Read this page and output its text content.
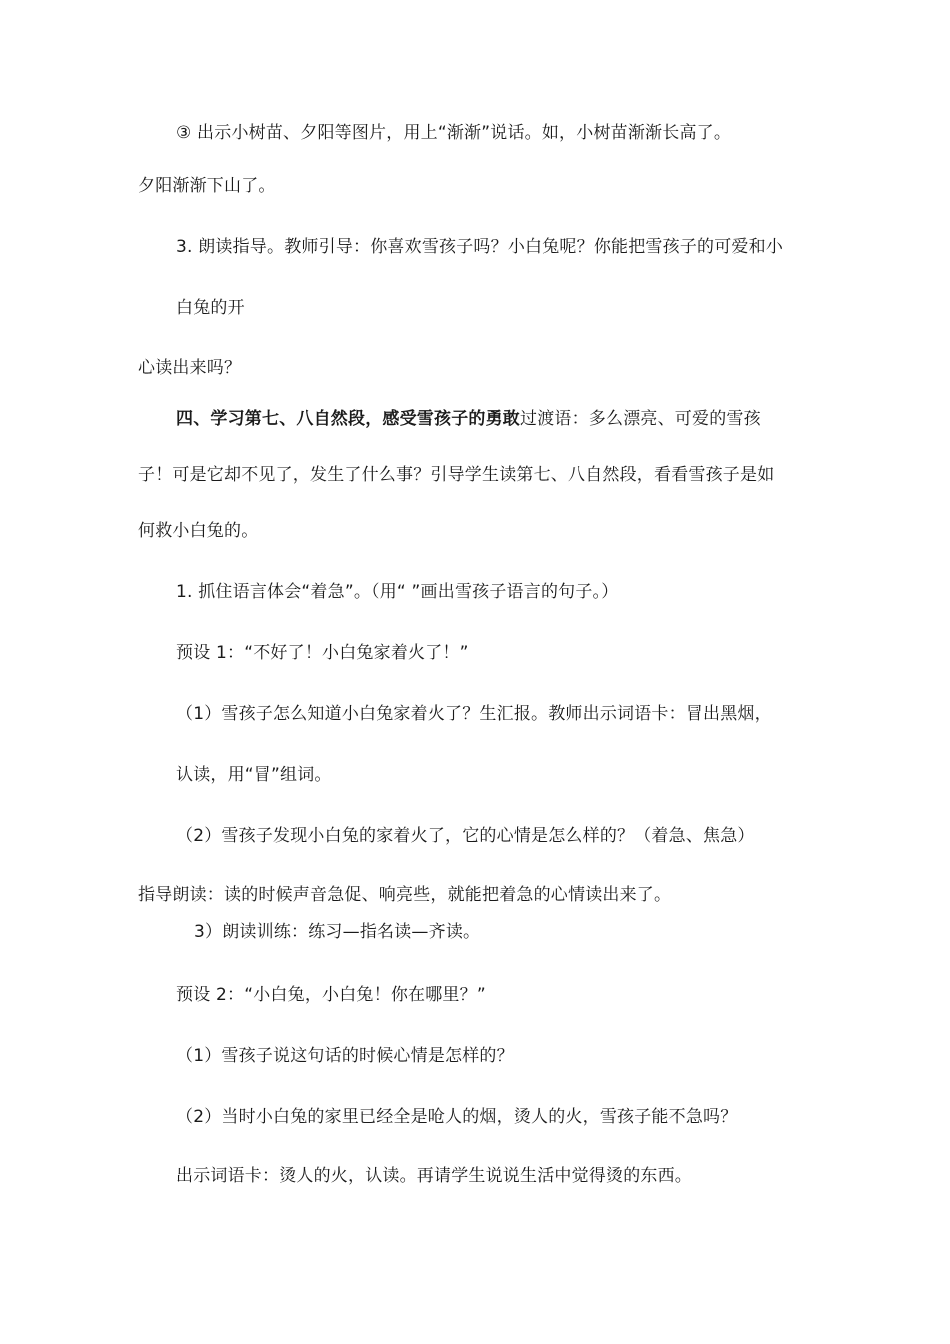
③ 出示小树苗、夕阳等图片，用上“渐渐”说话。如，小树苗渐渐长高了。
夕阳渐渐下山了。
3. 朗读指导。教师引导：你喜欢雪孩子吗？小白兔呢？你能把雪孩子的可爱和小
白兔的开
心读出来吗？
四、学习第七、八自然段，感受雪孩子的勇敢过渡语：多么漂亮、可爱的雪孩
子！可是它却不见了，发生了什么事？引导学生读第七、八自然段，看看雪孩子是如
何救小白兔的。
1. 抓住语言体会“着急”。（用“ ”画出雪孩子语言的句子。）
预设 1：“不好了！小白兔家着火了！”
（1）雪孩子怎么知道小白兔家着火了？生汇报。教师出示词语卡：冒出黑烟，
认读，用“冒”组词。
（2）雪孩子发现小白兔的家着火了，它的心情是怎么样的？（着急、焦急）
指导朗读：读的时候声音急促、响亮些，就能把着急的心情读出来了。
3）朗读训练：练习—指名读—齐读。
预设 2：“小白兔，小白兔！你在哪里？”
（1）雪孩子说这句话的时候心情是怎样的？
（2）当时小白兔的家里已经全是呛人的烟，烫人的火，雪孩子能不急吗？
出示词语卡：烫人的火，认读。再请学生说说生活中觉得烫的东西。
